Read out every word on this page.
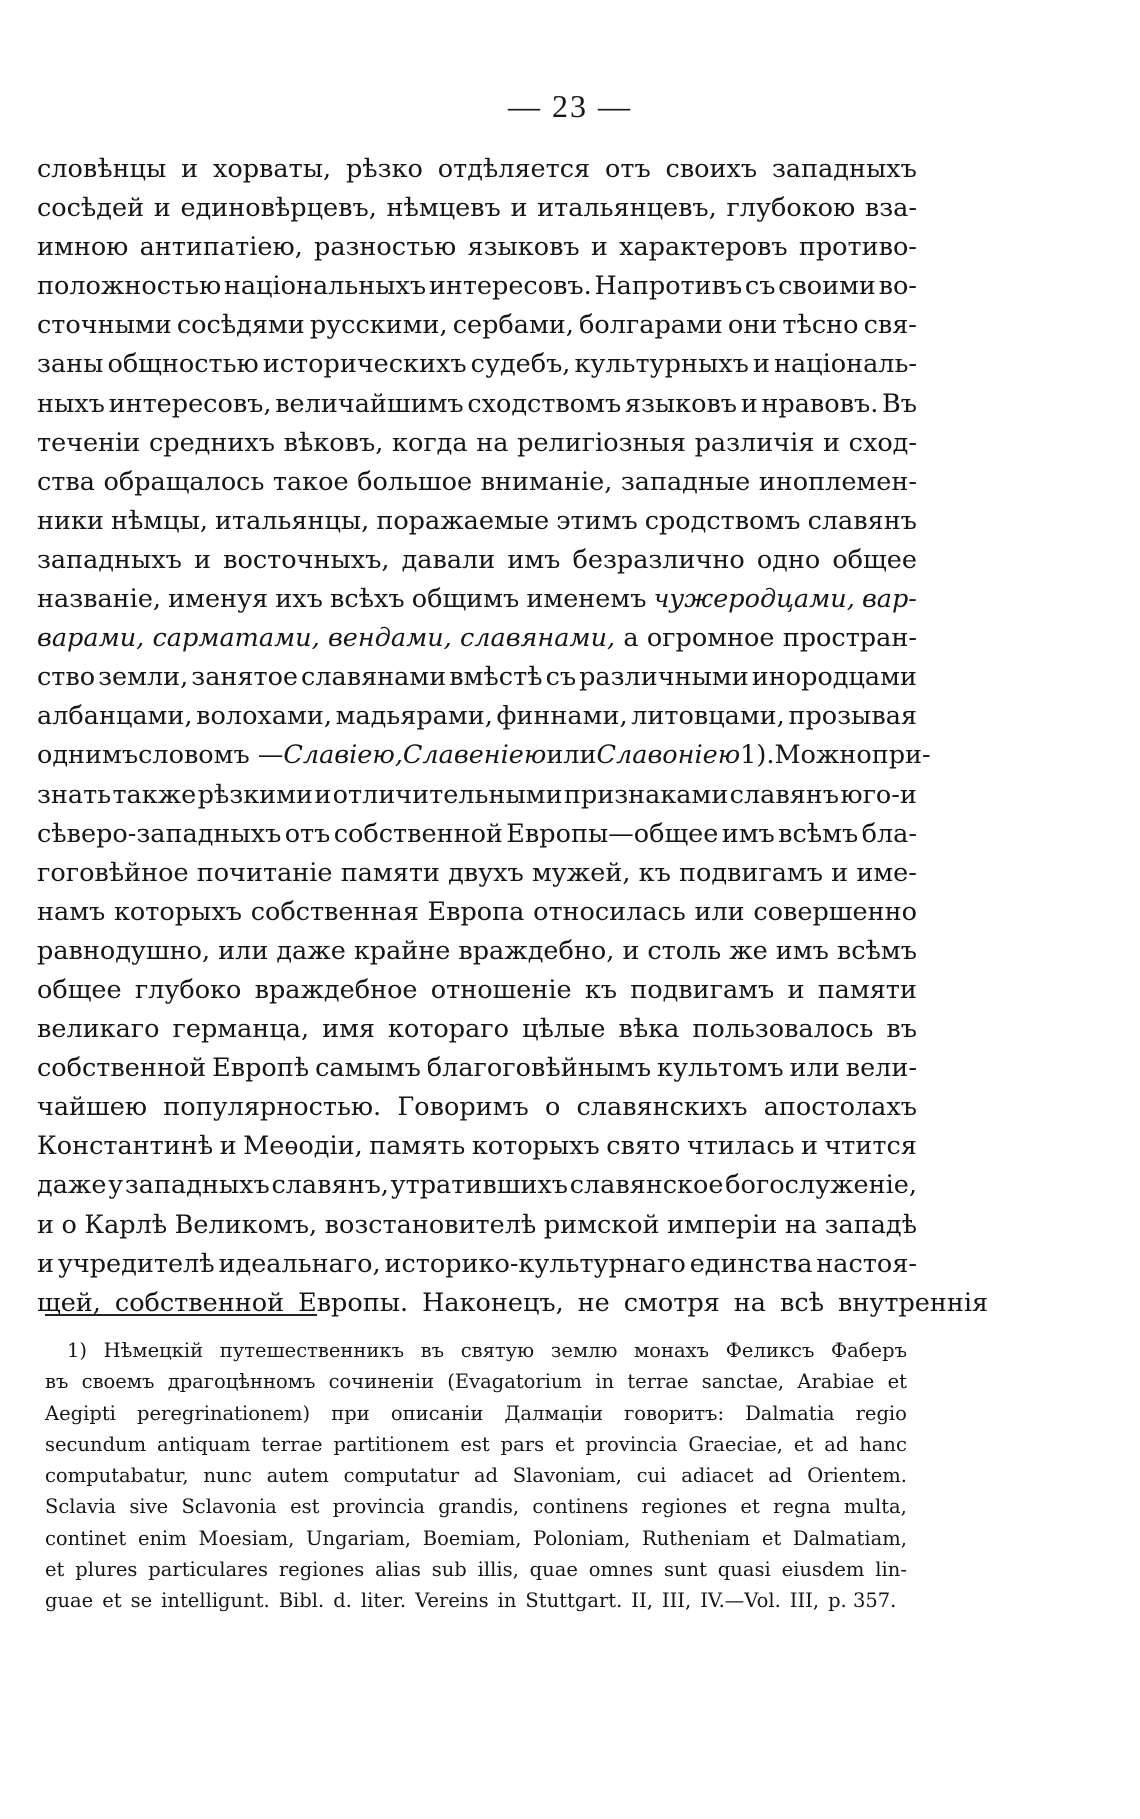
— 23 —
словѣнцы и хорваты, рѣзко отдѣляется отъ своихъ западныхъ
сосѣдей и единовѣрцевъ, нѣмцевъ и итальянцевъ, глубокою вза-
имною антипатіею, разностью языковъ и характеровъ противо-
положностью національныхъ интересовъ. Напротивъ съ своими во-
сточными сосѣдями русскими, сербами, болгарами они тѣсно свя-
заны общностью историческихъ судебъ, культурныхъ и національ-
ныхъ интересовъ, величайшимъ сходствомъ языковъ и нравовъ. Въ
теченіи среднихъ вѣковъ, когда на религіозныя различія и сход-
ства обращалось такое большое вниманіе, западные иноплемен-
ники нѣмцы, итальянцы, поражаемые этимъ сродствомъ славянъ
западныхъ и восточныхъ, давали имъ безразлично одно общее
названіе, именуя ихъ всѣхъ общимъ именемъ чужеродцами, вар-
варами, сарматами, вендами, славянами, а огромное простран-
ство земли, занятое славянами вмѣстѣ съ различными инородцами
албанцами, волохами, мадьярами, финнами, литовцами, прозывая
однимъ словомъ — Славіею, Славеніею или Славоніею 1). Можно при-
знать также рѣзкими и отличительными признаками славянъ юго-и
сѣверо-западныхъ отъ собственной Европы—общее имъ всѣмъ бла-
гоговѣйное почитаніе памяти двухъ мужей, къ подвигамъ и име-
намъ которыхъ собственная Европа относилась или совершенно
равнодушно, или даже крайне враждебно, и столь же имъ всѣмъ
общее глубоко враждебное отношеніе къ подвигамъ и памяти
великаго германца, имя котораго цѣлые вѣка пользовалось въ
собственной Европѣ самымъ благоговѣйнымъ культомъ или вели-
чайшею популярностью. Говоримъ о славянскихъ апостолахъ
Константинѣ и Меѳодіи, память которыхъ свято чтилась и чтится
даже у западныхъ славянъ, утратившихъ славянское богослуженіе,
и о Карлѣ Великомъ, возстановителѣ римской имперіи на западѣ
и учредителѣ идеальнаго, историко-культурнаго единства настоя-
щей, собственной Европы. Наконецъ, не смотря на всѣ внутреннія
1) Нѣмецкій путешественникъ въ святую землю монахъ Феликсъ Фаберъ
въ своемъ драгоцѣнномъ сочиненіи (Evagatorium in terrae sanctae, Arabiae et
Aegipti peregrinationem) при описаніи Далмаціи говоритъ: Dalmatia regio
secundum antiquam terrae partitionem est pars et provincia Graeciae, et ad hanc
computabatur, nunc autem computatur ad Slavoniam, cui adiacet ad Orientem.
Sclavia sive Sclavonia est provincia grandis, continens regiones et regna multa,
continet enim Moesiam, Ungariam, Boemiam, Poloniam, Rutheniam et Dalmatiam,
et plures particulares regiones alias sub illis, quae omnes sunt quasi eiusdem lin-
guae et se intelligunt. Bibl. d. liter. Vereins in Stuttgart. II, III, IV.—Vol. III, p. 357.
